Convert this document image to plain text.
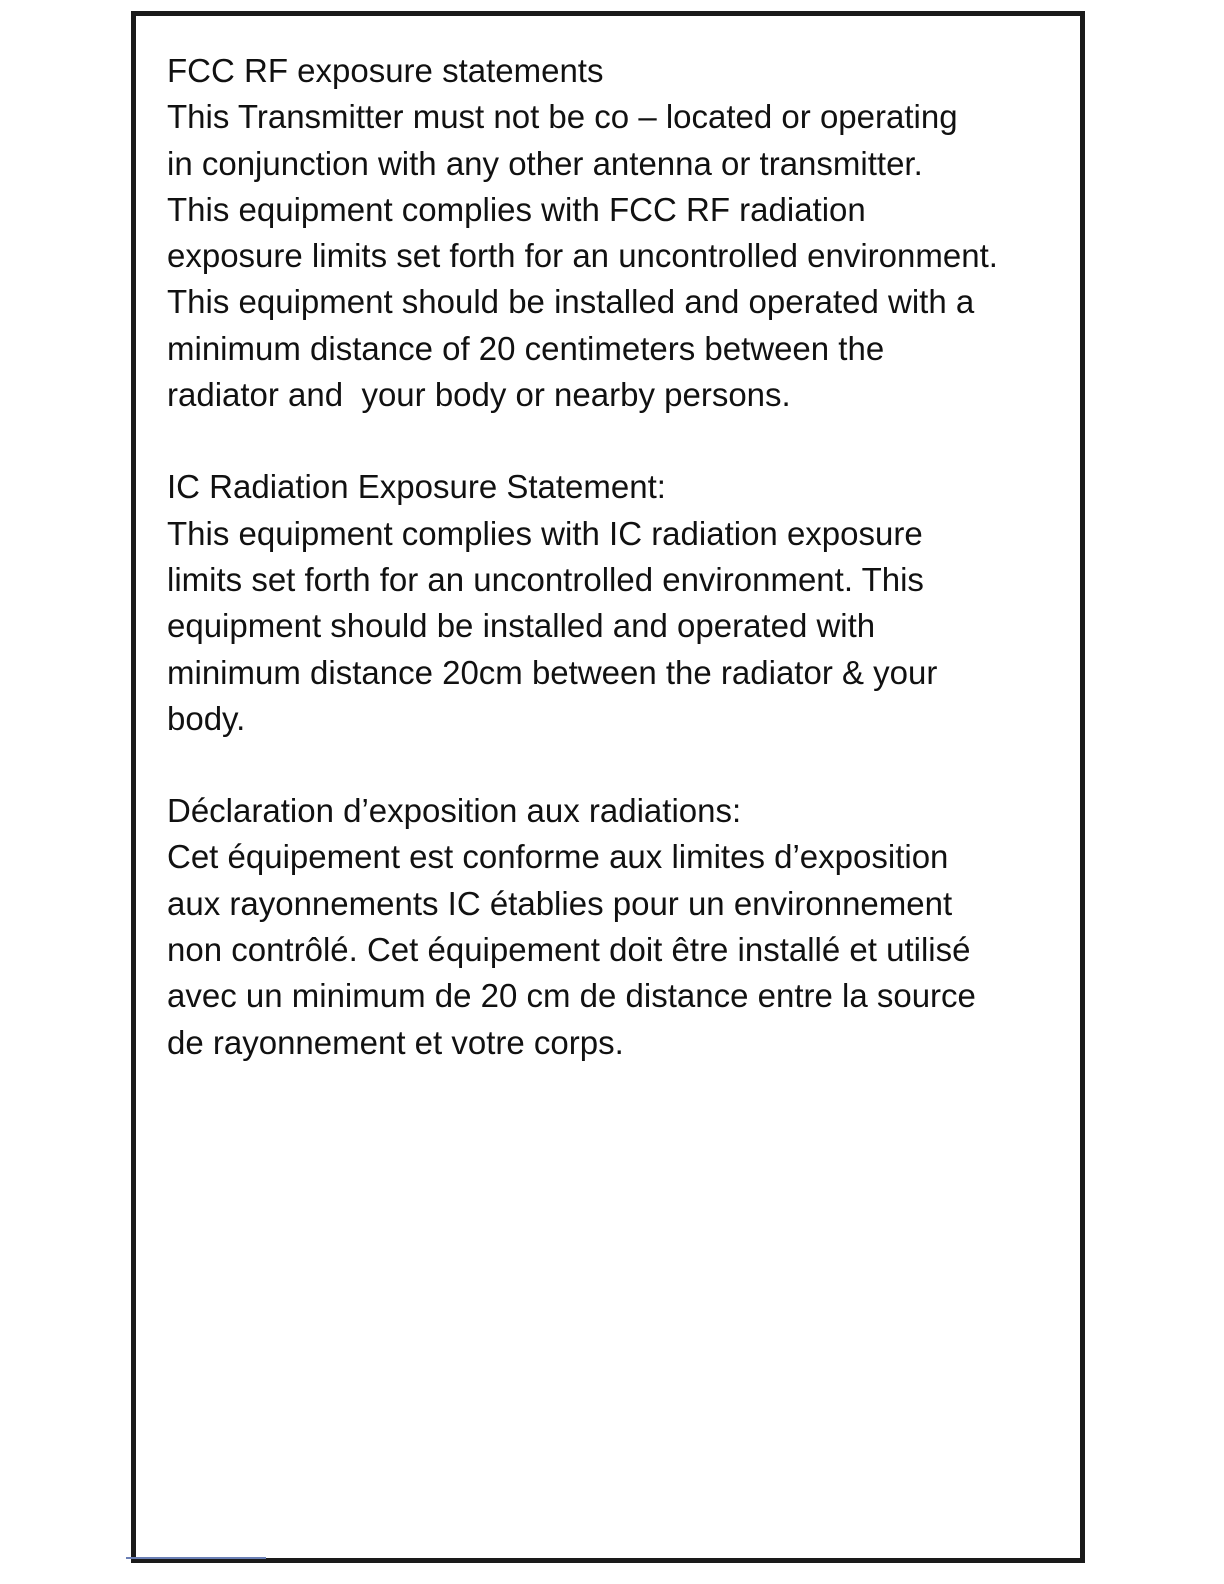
FCC RF exposure statements
This Transmitter must not be co – located or operating
in conjunction with any other antenna or transmitter.
This equipment complies with FCC RF radiation
exposure limits set forth for an uncontrolled environment.
This equipment should be installed and operated with a
minimum distance of 20 centimeters between the
radiator and  your body or nearby persons.
IC Radiation Exposure Statement:
This equipment complies with IC radiation exposure
limits set forth for an uncontrolled environment. This
equipment should be installed and operated with
minimum distance 20cm between the radiator & your
body.
Déclaration d’exposition aux radiations:
Cet équipement est conforme aux limites d’exposition
aux rayonnements IC établies pour un environnement
non contrôlé. Cet équipement doit être installé et utilisé
avec un minimum de 20 cm de distance entre la source
de rayonnement et votre corps.
